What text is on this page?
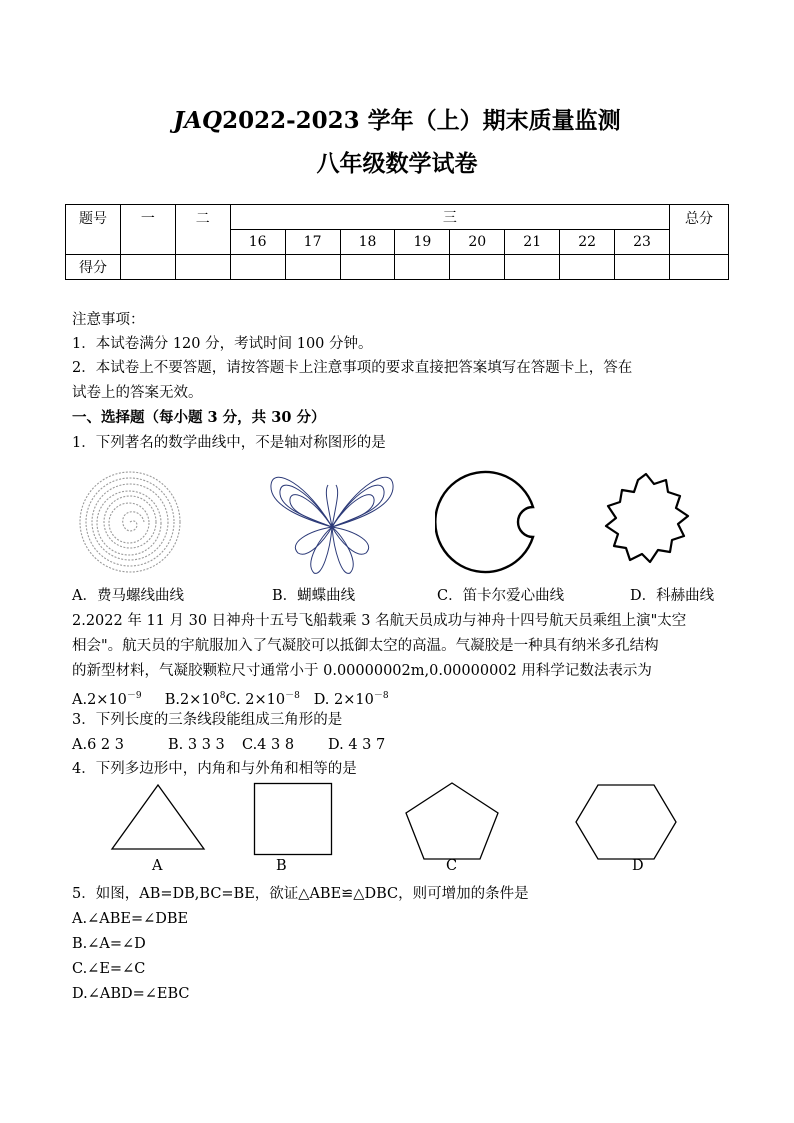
JAQ2022-2023 学年（上）期末质量监测
八年级数学试卷
题号	一	二	三								总分
			16	17	18	19	20	21	22	23	
得分											
注意事项：
1．本试卷满分 120 分，考试时间 100 分钟。
2．本试卷上不要答题，请按答题卡上注意事项的要求直接把答案填写在答题卡上，答在
试卷上的答案无效。
一、选择题（每小题 3 分，共 30 分）
1．下列著名的数学曲线中，不是轴对称图形的是
A．费马螺线曲线	B．蝴蝶曲线	C．笛卡尔爱心曲线	D．科赫曲线
2.2022 年 11 月 30 日神舟十五号飞船载乘 3 名航天员成功与神舟十四号航天员乘组上演"太空
相会"。航天员的宇航服加入了气凝胶可以抵御太空的高温。气凝胶是一种具有纳米多孔结构
的新型材料，气凝胶颗粒尺寸通常小于 0.00000002m,0.00000002 用科学记数法表示为
$A.2\times 10^{-9}$ $B.2\times 10^8C$. $2\times 10^{-8}$ D. $2\times 10^{-8}$
3．下列长度的三条线段能组成三角形的是
A.6 2 3	B. 3 3 3 C.4 3 8 D. 4 3 7
4．下列多边形中，内角和与外角和相等的是
A	B	C	D
5．如图，AB=DB,BC=BE，欲证△ABE≌△DBC，则可增加的条件是
A.∠ABE=∠DBE
B.∠A=∠D
C.∠E=∠C
D.∠ABD=∠EBC
